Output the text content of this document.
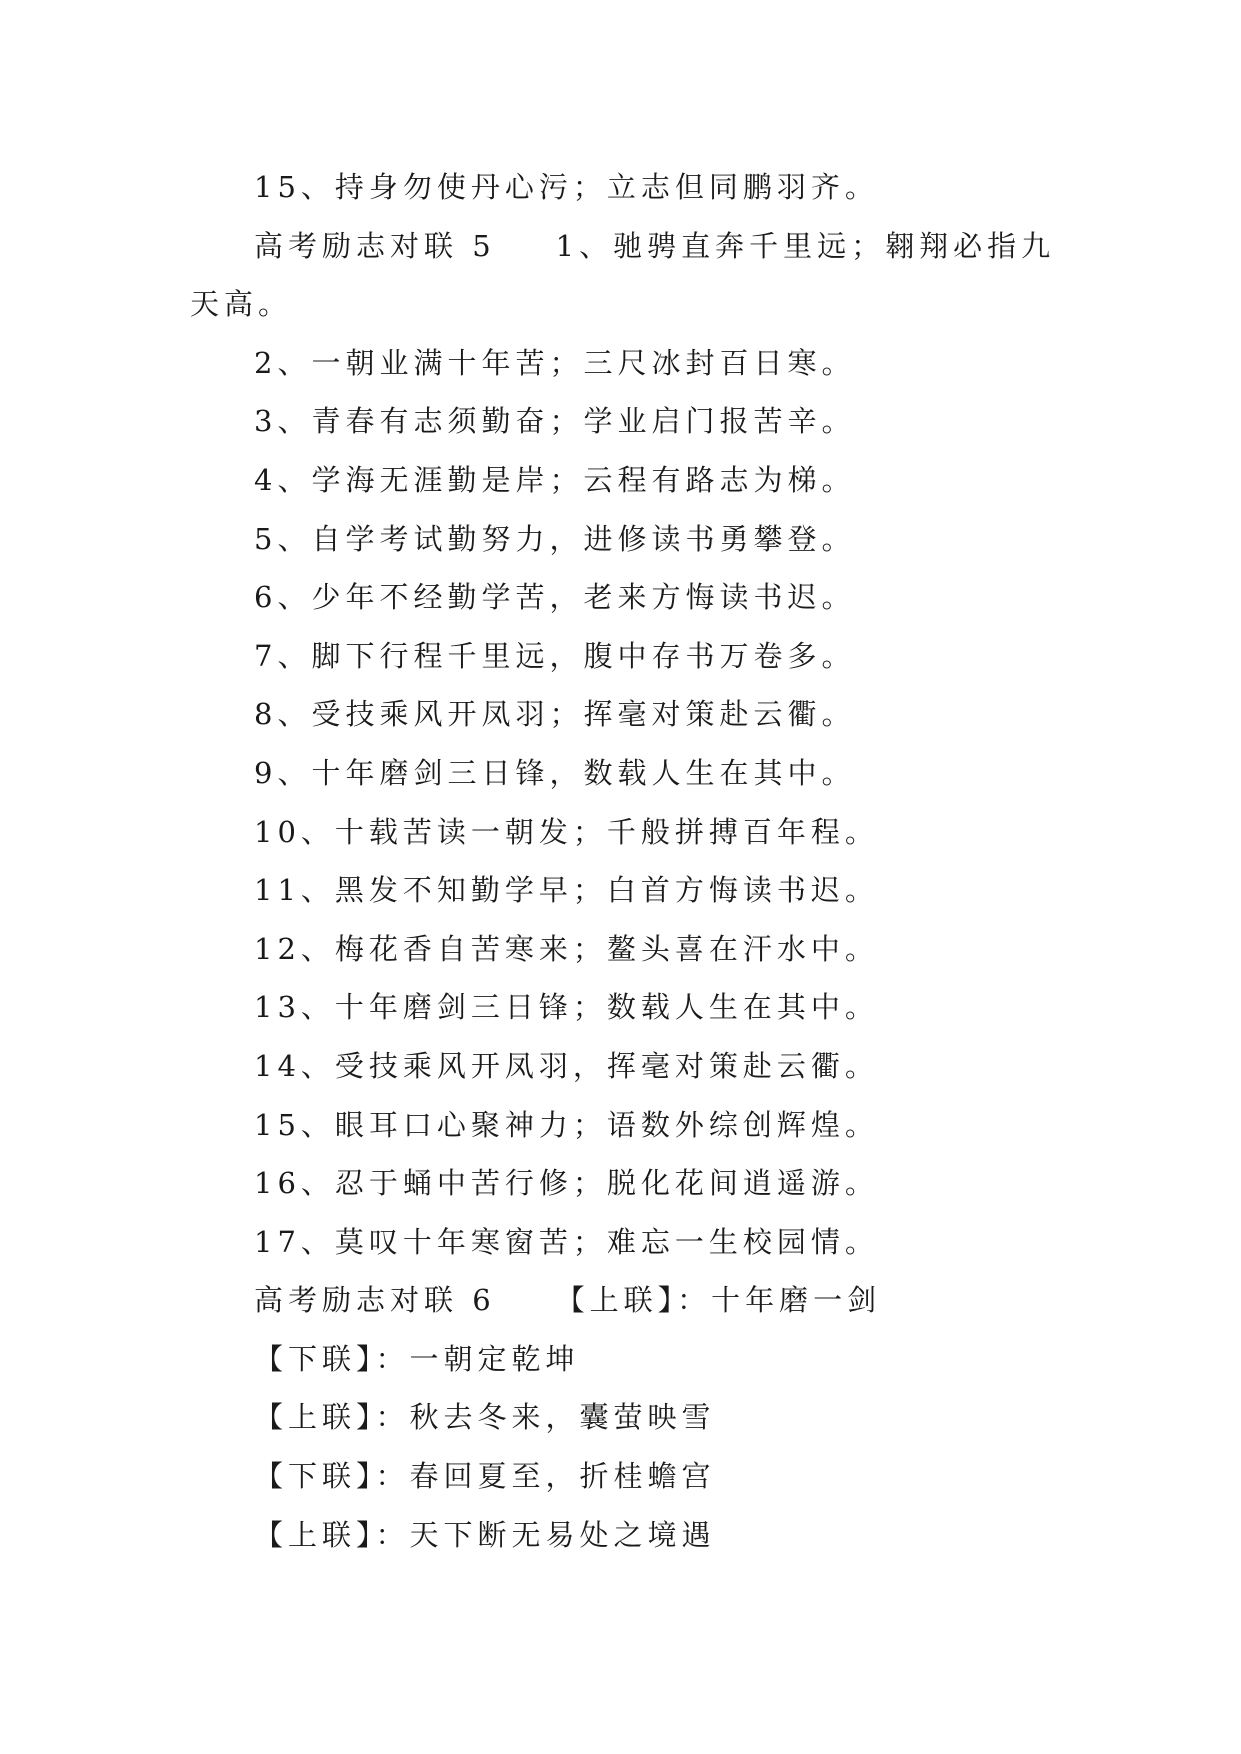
15、持身勿使丹心污；立志但同鹏羽齐。

高考励志对联 5 1、驰骋直奔千里远；翱翔必指九天高。

2、一朝业满十年苦；三尺冰封百日寒。

3、青春有志须勤奋；学业启门报苦辛。

4、学海无涯勤是岸；云程有路志为梯。

5、自学考试勤努力，进修读书勇攀登。

6、少年不经勤学苦，老来方悔读书迟。

7、脚下行程千里远，腹中存书万卷多。

8、受技乘风开凤羽；挥毫对策赴云衢。

9、十年磨剑三日锋，数载人生在其中。

10、十载苦读一朝发；千般拼搏百年程。

11、黑发不知勤学早；白首方悔读书迟。

12、梅花香自苦寒来；鳌头喜在汗水中。

13、十年磨剑三日锋；数载人生在其中。

14、受技乘风开凤羽，挥毫对策赴云衢。

15、眼耳口心聚神力；语数外综创辉煌。

16、忍于蛹中苦行修；脱化花间逍遥游。

17、莫叹十年寒窗苦；难忘一生校园情。

高考励志对联 6 【上联】：十年磨一剑

【下联】：一朝定乾坤

【上联】：秋去冬来，囊萤映雪

【下联】：春回夏至，折桂蟾宫

【上联】：天下断无易处之境遇
